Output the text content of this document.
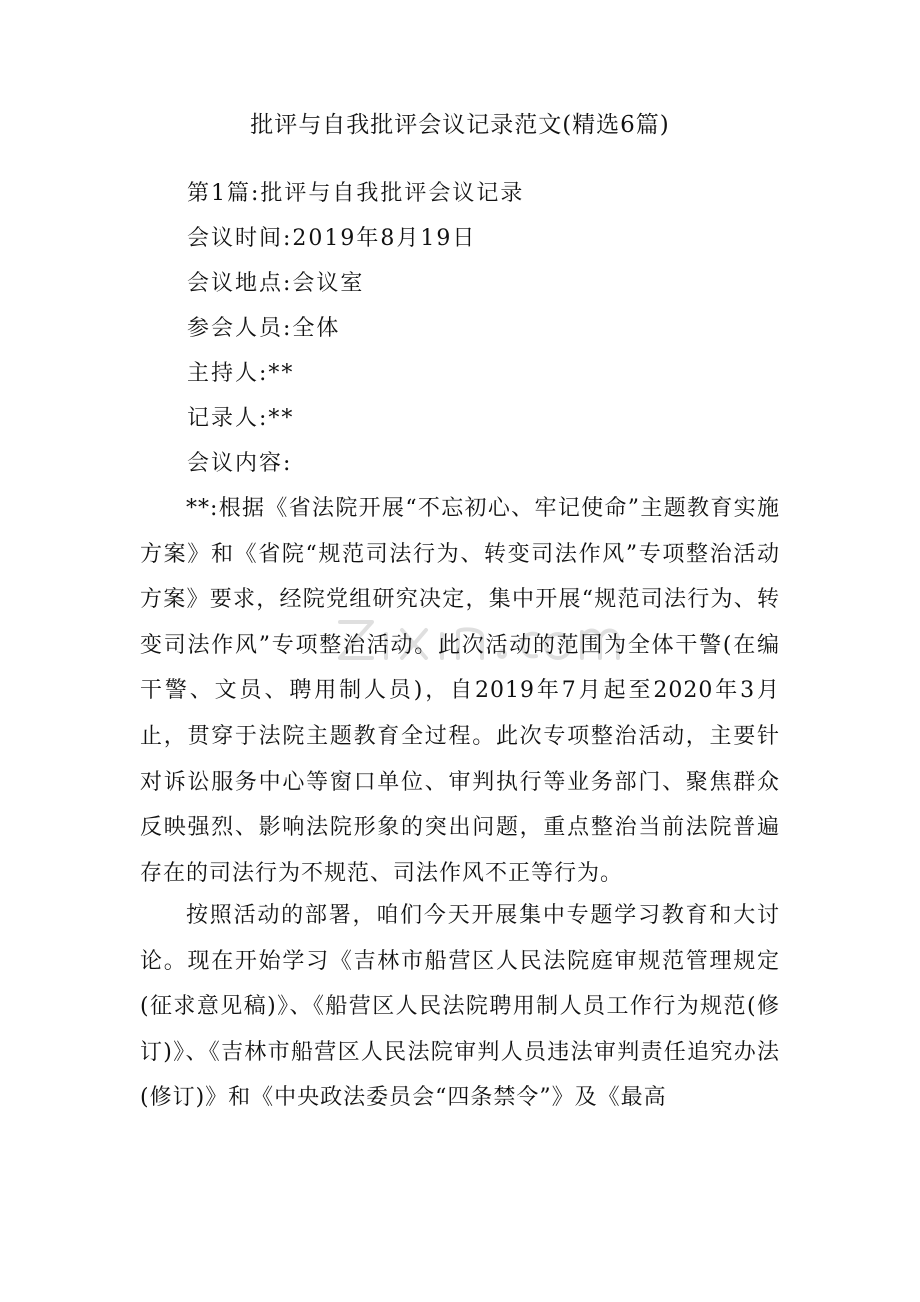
批评与自我批评会议记录范文(精选6篇)
第1篇:批评与自我批评会议记录
会议时间:2019年8月19日
会议地点:会议室
参会人员:全体
主持人:**
记录人:**
会议内容:

**:根据《省法院开展“不忘初心、牢记使命”主题教育实施方案》和《省院“规范司法行为、转变司法作风”专项整治活动方案》要求，经院党组研究决定，集中开展“规范司法行为、转变司法作风”专项整治活动。此次活动的范围为全体干警(在编干警、文员、聘用制人员)，自2019年7月起至2020年3月止，贯穿于法院主题教育全过程。此次专项整治活动，主要针对诉讼服务中心等窗口单位、审判执行等业务部门、聚焦群众反映强烈、影响法院形象的突出问题，重点整治当前法院普遍存在的司法行为不规范、司法作风不正等行为。

按照活动的部署，咱们今天开展集中专题学习教育和大讨论。现在开始学习《吉林市船营区人民法院庭审规范管理规定(征求意见稿)》、《船营区人民法院聘用制人员工作行为规范(修订)》、《吉林市船营区人民法院审判人员违法审判责任追究办法(修订)》和《中央政法委员会“四条禁令”》及《最高
